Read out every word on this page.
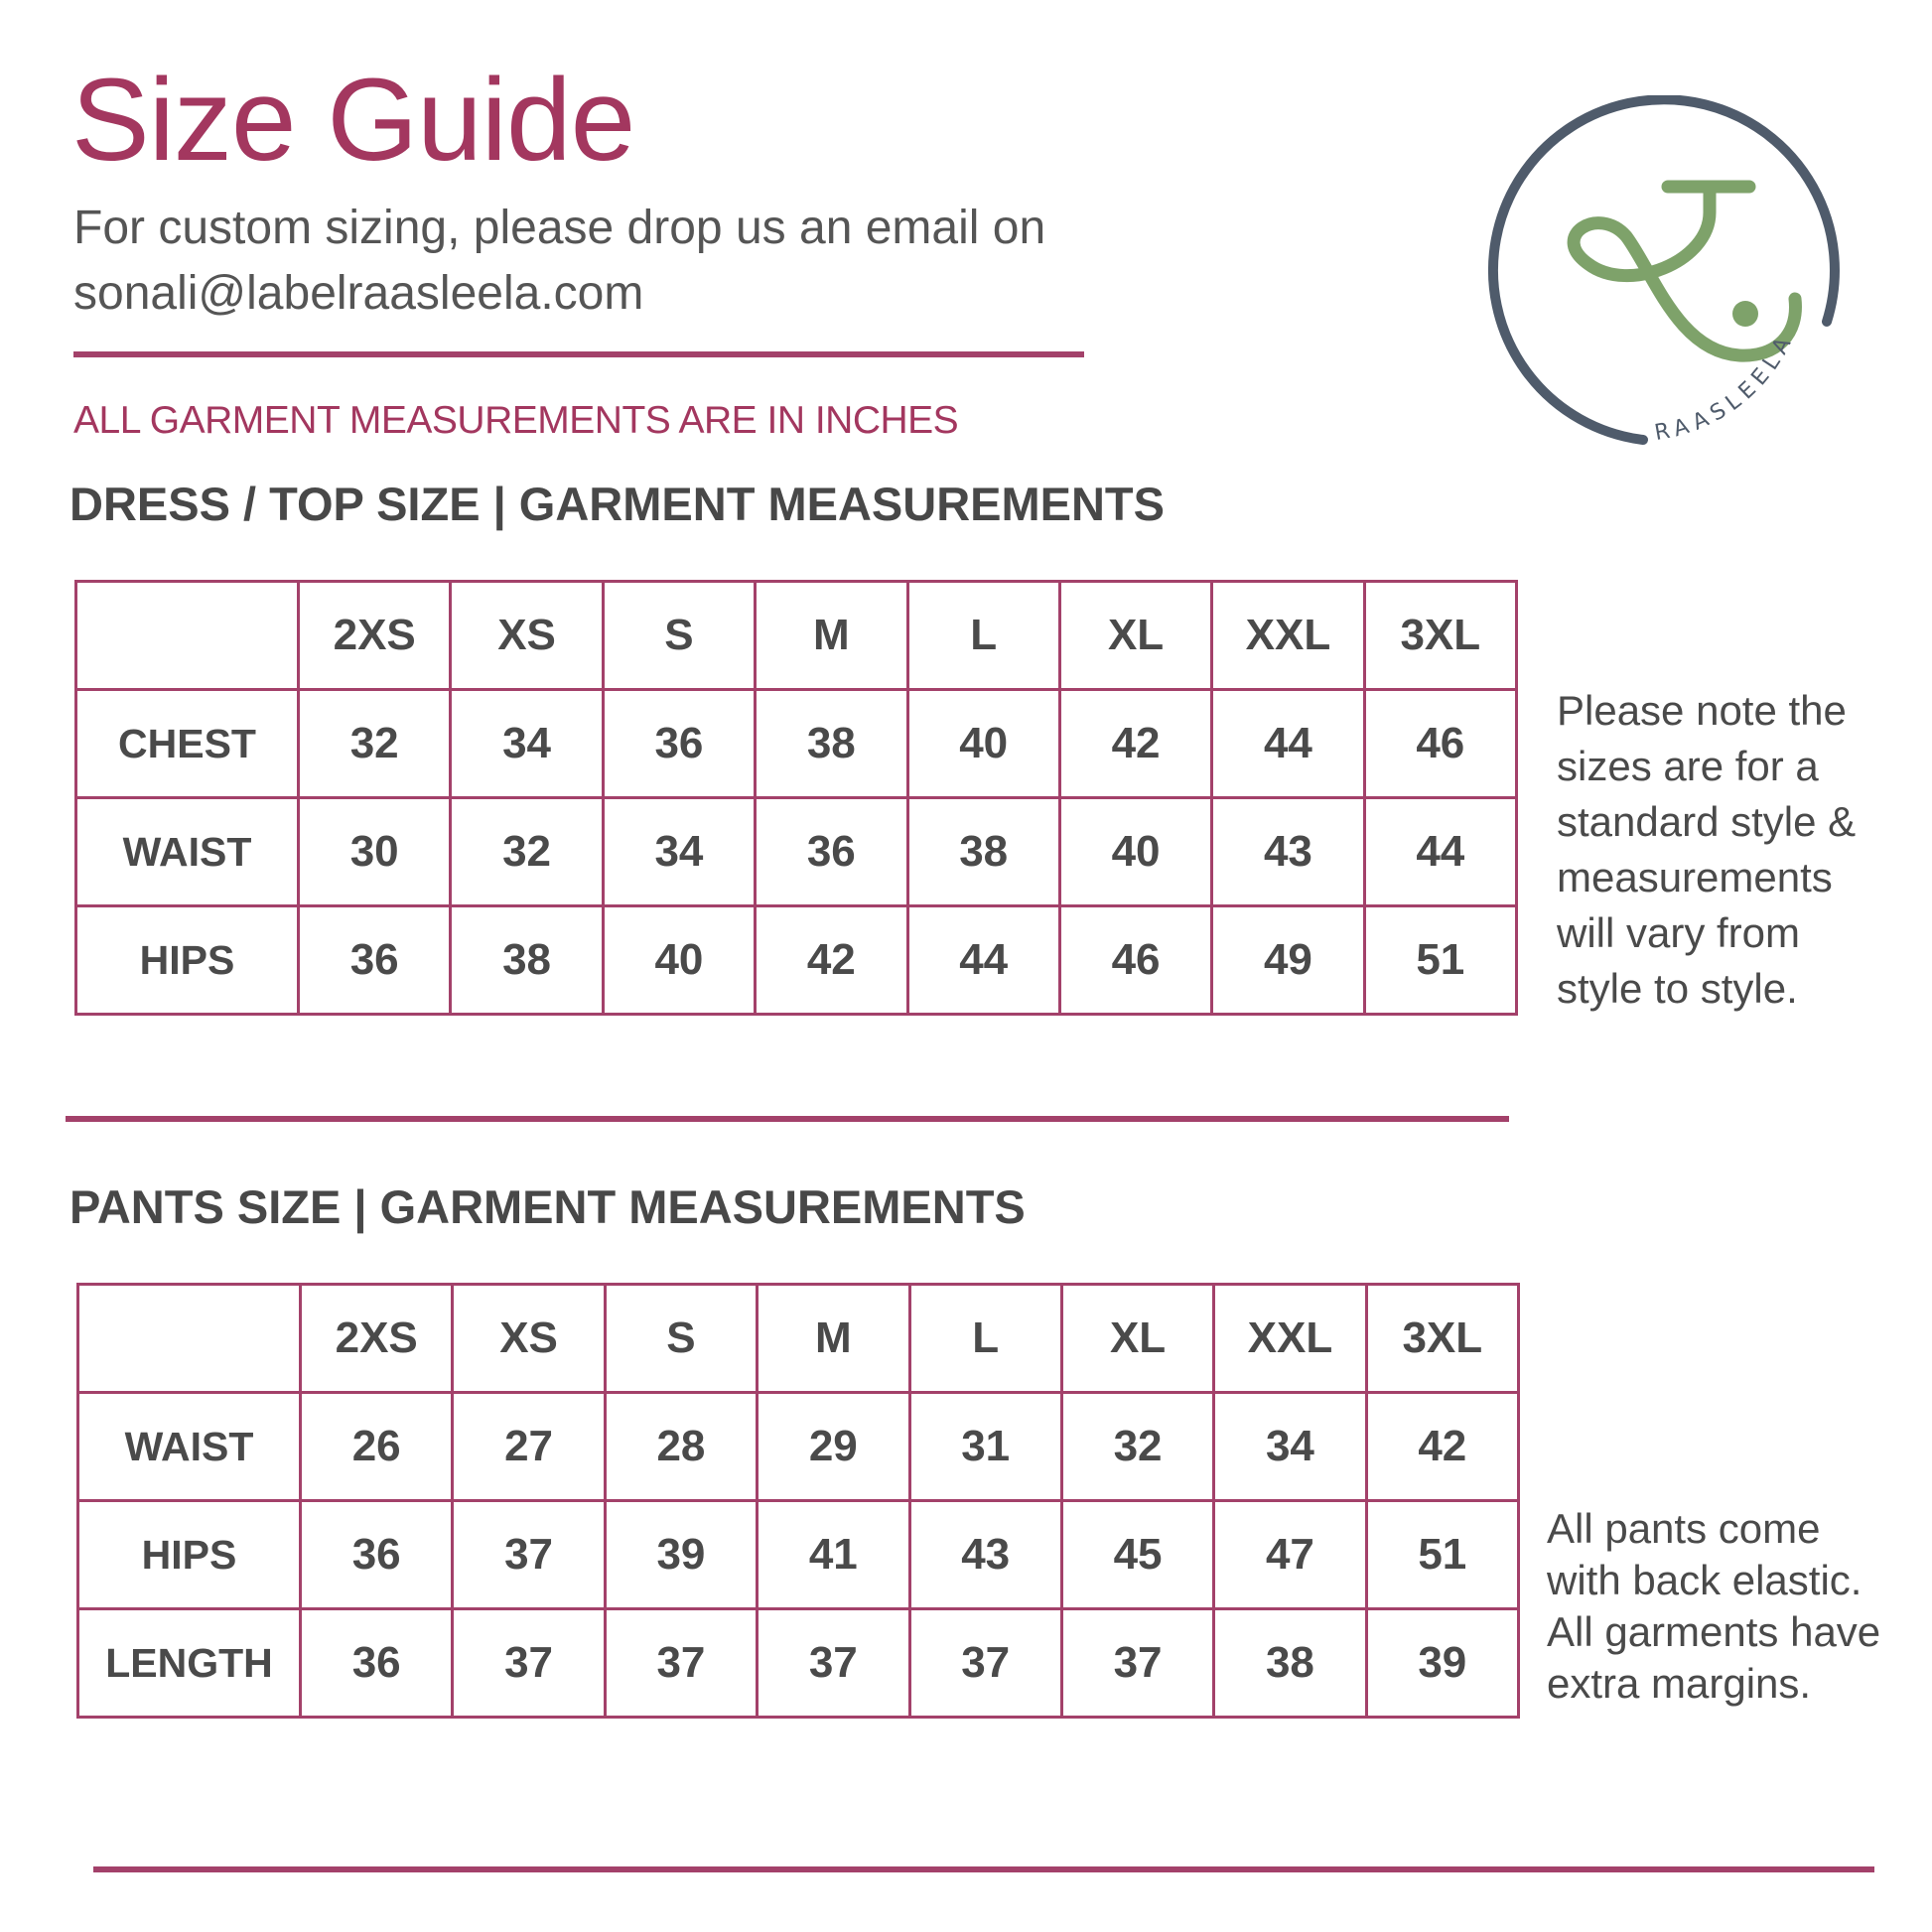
Size Guide
For custom sizing, please drop us an email on
sonali@labelraasleela.com
ALL GARMENT MEASUREMENTS ARE IN INCHES	RAASLEELA
DRESS / TOP SIZE | GARMENT MEASUREMENTS
	2XS	XS	S	M	L	XL	XXL	3XL
CHEST	32	34	36	38	40	42	44	46
WAIST	30	32	34	36	38	40	43	44
HIPS	36	38	40	42	44	46	49	51
Please note the
sizes are for a
standard style &
measurements
will vary from
style to style.
PANTS SIZE | GARMENT MEASUREMENTS
	2XS	XS	S	M	L	XL	XXL	3XL
WAIST	26	27	28	29	31	32	34	42
HIPS	36	37	39	41	43	45	47	51
LENGTH	36	37	37	37	37	37	38	39
All pants come
with back elastic.
All garments have
extra margins.
